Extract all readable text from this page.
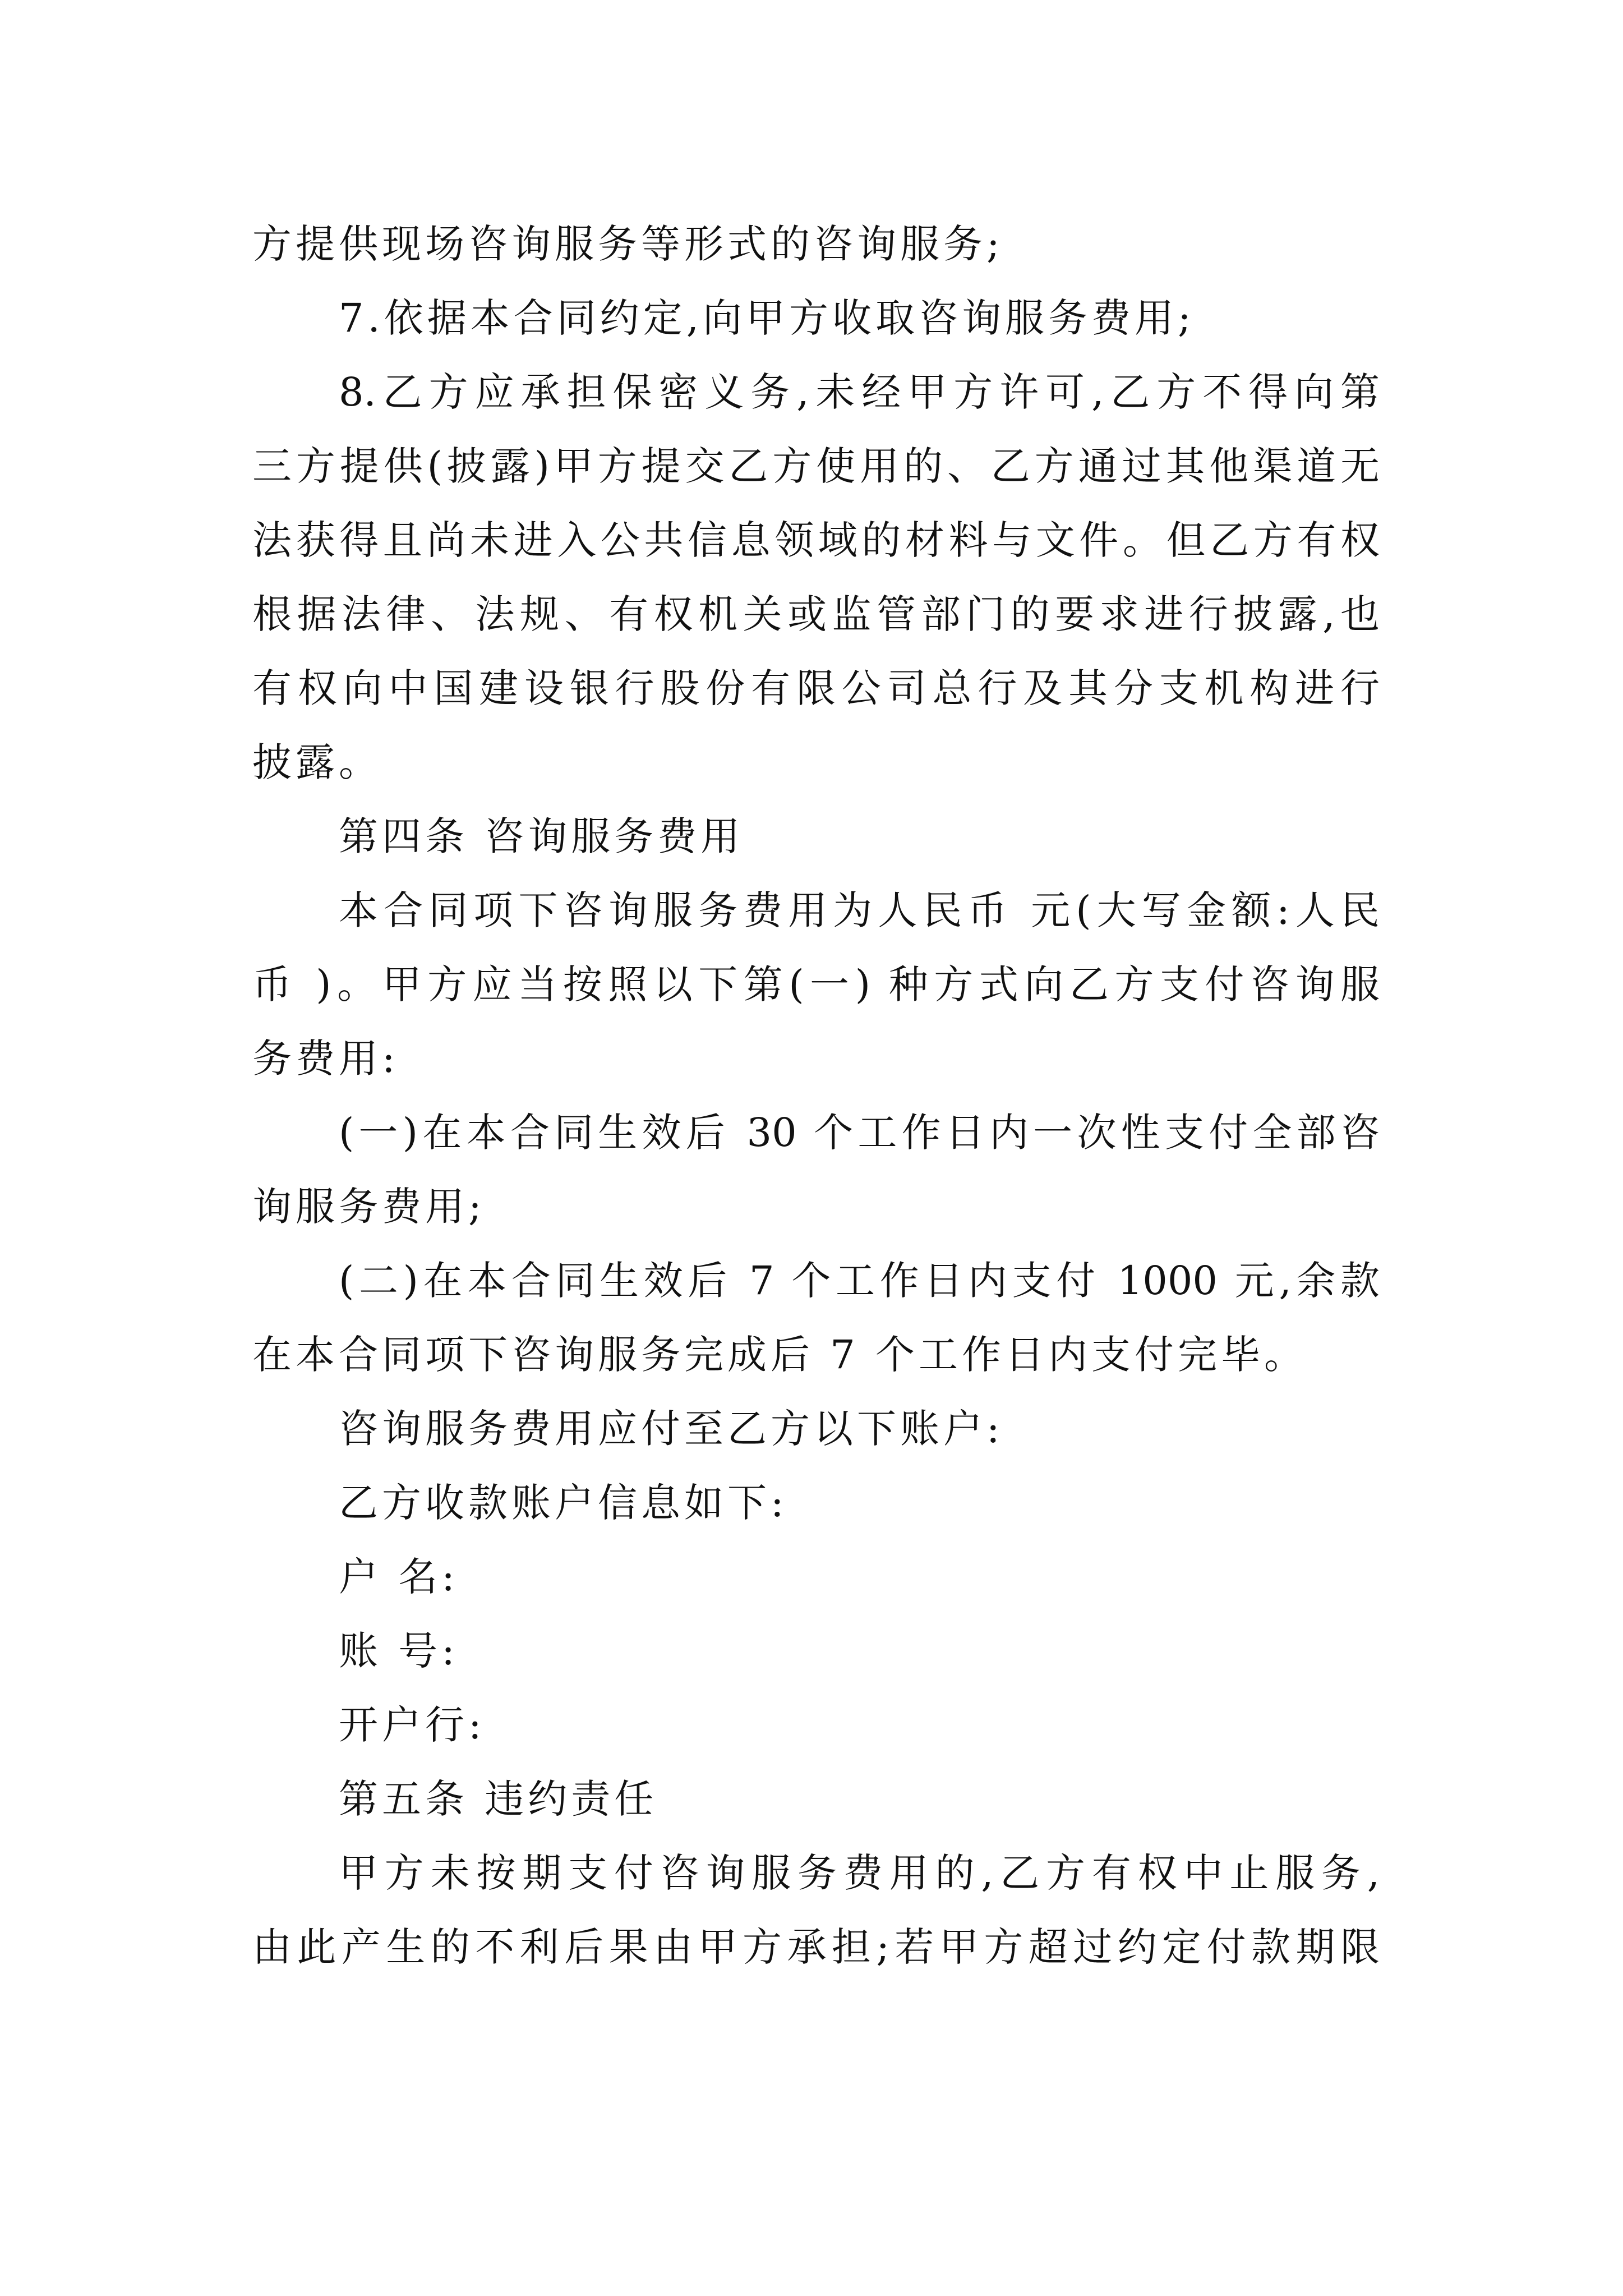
方提供现场咨询服务等形式的咨询服务;

7.依据本合同约定,向甲方收取咨询服务费用;

8.乙方应承担保密义务,未经甲方许可,乙方不得向第

三方提供(披露)甲方提交乙方使用的、乙方通过其他渠道无

法获得且尚未进入公共信息领域的材料与文件。但乙方有权

根据法律、法规、有权机关或监管部门的要求进行披露,也

有权向中国建设银行股份有限公司总行及其分支机构进行

披露。

第四条 咨询服务费用

本合同项下咨询服务费用为人民币 元(大写金额:人民

币 )。甲方应当按照以下第(一) 种方式向乙方支付咨询服

务费用:

(一)在本合同生效后 30 个工作日内一次性支付全部咨

询服务费用;

(二)在本合同生效后 7 个工作日内支付 1000 元,余款

在本合同项下咨询服务完成后 7 个工作日内支付完毕。

咨询服务费用应付至乙方以下账户:

乙方收款账户信息如下:

户 名:

账 号:

开户行:

第五条 违约责任

甲方未按期支付咨询服务费用的,乙方有权中止服务,

由此产生的不利后果由甲方承担;若甲方超过约定付款期限
